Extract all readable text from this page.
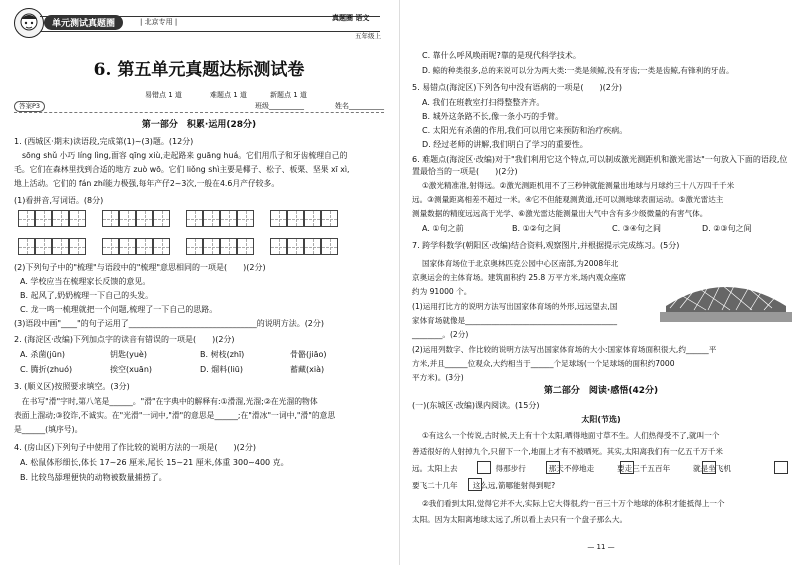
单元测试真题圈	| 北京专用 |	真题圈 语文
五年级上
6. 第五单元真题达标测试卷
易错点 1 道	难题点 1 道	新题点 1 道
答案P3	班级__________	姓名__________
第一部分　积累·运用(28分)
1. (西城区·期末)读语段,完成第(1)~(3)题。(12分)
sōng shǔ 小巧 líng lìng,面容 qīng xiù,走起路来 guāng huá。它们用爪子和牙齿梳理自己的
毛。它们在森林里找到合适的地方 zuò wō。它们 liǒng shì主要是椰子、松子、板栗、坚果 xī xì,
地上活动。它们的 fán zhí能力极强,每年产仔2~3次,一般在4.6月产仔较多。
(1)看拼音,写词语。(8分)
(2)下列句子中的"梳理"与语段中的"梳理"意思相同的一项是(　　)(2分)
A. 学校应当在梳理家长反馈的意见。
B. 起风了,奶奶梳理一下自己的头发。
C. 龙一鸣一梳理就把一个问题,梳理了一下自己的思路。
(3)语段中画"____"的句子运用了________________________________的说明方法。(2分)
2. (海淀区·改编)下列加点字的读音有错误的一项是(　　)(2分)
A. 杀菌(jūn)	钥匙(yuè)	B. 树枝(zhī)	骨骼(jiāo)
C. 腾折(zhuó)	挨空(xuān)	D. 熘料(liū)	蓄藏(xià)
3. (顺义区)按照要求填空。(3分)
　在书写"滑"字时,第八笔是______。"滑"在字典中的解释有:①滑溜,光溜;②在光溜的物体
表面上溜动;③狡诈,不诚实。在"光滑"一词中,"滑"的意思是______;在"滑冰"一词中,"滑"的意思
是______(填序号)。
4. (房山区)下列句子中使用了作比较的说明方法的一项是(　　)(2分)
A. 松鼠体形细长,体长 17~26 厘米,尾长 15~21 厘米,体重 300~400 克。
B. 比较鸟舔理便快的动物被数量捕捞了。
C. 靠什么呼风唤雨呢?靠的是现代科学技术。
D. 鲸的种类很多,总的来说可以分为两大类:一类是须鲸,没有牙齿;一类是齿鲸,有锋利的牙齿。
5. 易错点(海淀区)下列各句中没有语病的一项是(　　)(2分)
A. 我们在班教室打扫得整整齐齐。
B. 城外这条路不长,像一条小巧的手臂。
C. 太阳光有杀菌的作用,我们可以用它来预防和治疗疾病。
D. 经过老师的讲解,我们明白了学习的重要性。
6. 难题点(海淀区·改编)对于"我们利用它这个特点,可以制成激光测距机和激光雷达"一句放入下面的语段,位置最恰当的一项是(　　)(2分)
①激光精准准,射得远。②激光测距机用不了三秒钟就能测量出地球与月球约三十八万四千千米
远。③测量距离相差不超过一米。④它不但能观测黄道,还可以测地球表面运动。⑤激光雷达主
测量数据的精度远远高于光学、⑥激光雷达能测量出大气中含有多少级微量的有害气体。
A. ①句之前	B. ①②句之间	C. ③④句之间	D. ②③句之间
7. 跨学科数学(朝阳区·改编)结合资料,观察图片,并根据提示完成练习。(5分)
国家体育场位于北京奥林匹克公园中心区南部,为2008年北
京奥运会的主体育场。建筑面积约 25.8 万平方米,场内观众座席
约为 91000 个。
(1)运用打比方的说明方法写出国家体育场的外形,远远望去,国
家体育场就像是________________________________________
________。(2分)
(2)运用列数字、作比较的说明方法写出国家体育场的大小:国家体育场面积很大,约______平
方米,并且______位观众,大约相当于______个足球场(一个足球场的面积约7000
平方米)。(3分)
第二部分　阅读·感悟(42分)
(一)(东城区·改编)课内阅读。(15分)
太阳(节选)
①有这么一个传说,古时候,天上有十个太阳,晒得地面寸草不生。人们热得受不了,就叫一个
善适很好的人射掉九个,只留下一个,地面上才有不被晒死。其实,太阳离我们有一亿五千万千米
远。太阳上去　　　　　得那步行　　　那天不停地走　　　要走三千五百年　　　就是坐飞机　　　
要飞二十几年　　这么远,箭哪能射得到呢?
②我们看到太阳,觉得它并不大,实际上它大得很,约一百三十万个地球的体积才能抵得上一个
太阳。因为太阳离地球太远了,所以看上去只有一个盘子那么大。
— 11 —
